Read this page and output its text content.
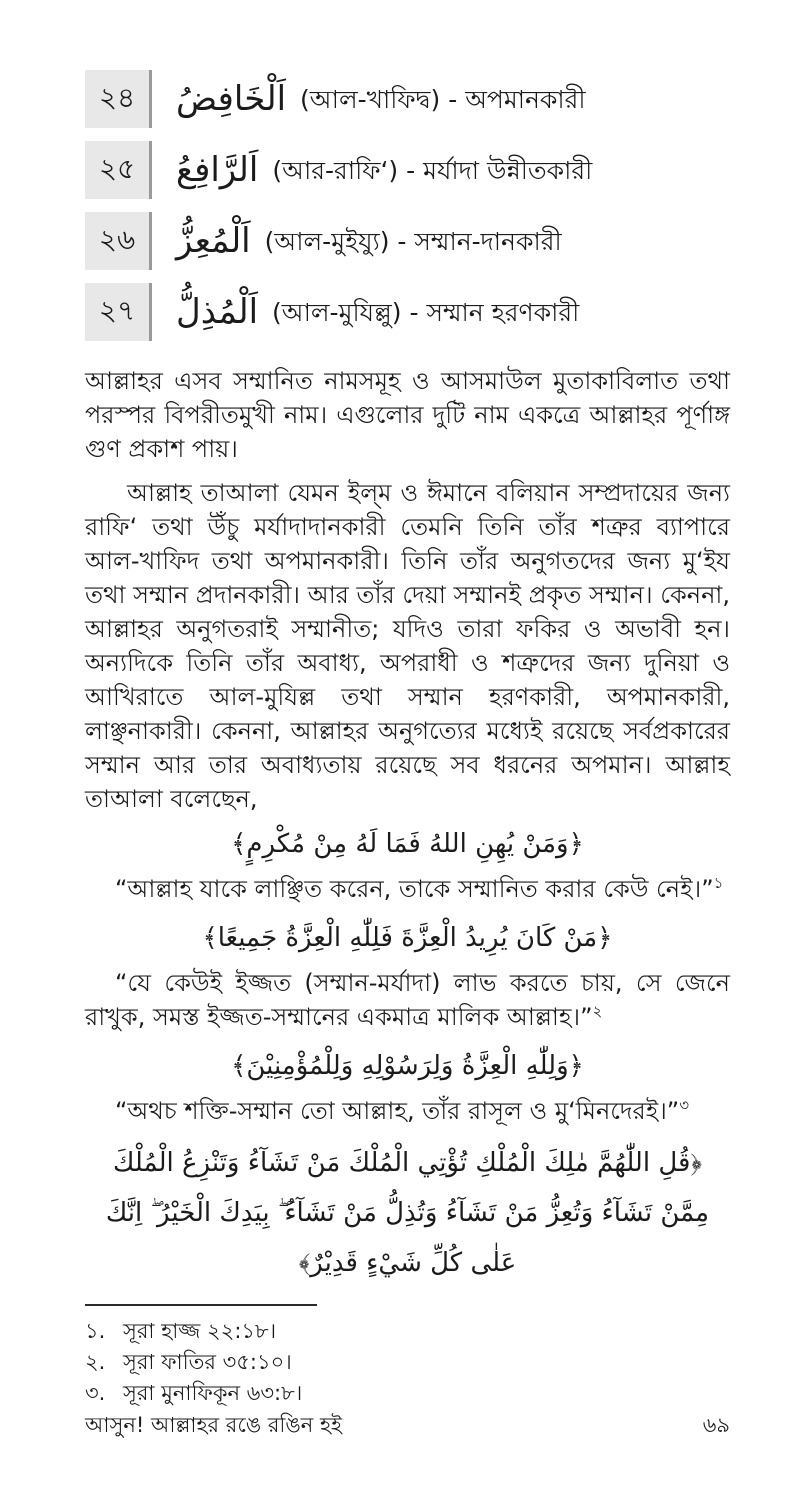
২৪	اَلْخَافِضُ (আল-খাফিদ্ব) - অপমানকারী
২৫	اَلرَّافِعُ (আর-রাফি‘) - মর্যাদা উন্নীতকারী
২৬	اَلْمُعِزُّ (আল-মুইয্যু) - সম্মান-দানকারী
২৭	اَلْمُذِلُّ (আল-মুযিল্লু) - সম্মান হরণকারী

আল্লাহর এসব সম্মানিত নামসমূহ ও আসমাউল মুতাকাবিলাত তথা পরস্পর বিপরীতমুখী নাম। এগুলোর দুটি নাম একত্রে আল্লাহর পূর্ণাঙ্গ গুণ প্রকাশ পায়।

আল্লাহ তাআলা যেমন ইল্‌ম ও ঈমানে বলিয়ান সম্প্রদায়ের জন্য রাফি‘ তথা উঁচু মর্যাদাদানকারী তেমনি তিনি তাঁর শত্রুর ব্যাপারে আল-খাফিদ তথা অপমানকারী। তিনি তাঁর অনুগতদের জন্য মু‘ইয তথা সম্মান প্রদানকারী। আর তাঁর দেয়া সম্মানই প্রকৃত সম্মান। কেননা, আল্লাহর অনুগতরাই সম্মানীত; যদিও তারা ফকির ও অভাবী হন। অন্যদিকে তিনি তাঁর অবাধ্য, অপরাধী ও শত্রুদের জন্য দুনিয়া ও আখিরাতে আল-মুযিল্ল তথা সম্মান হরণকারী, অপমানকারী, লাঞ্ছনাকারী। কেননা, আল্লাহর অনুগত্যের মধ্যেই রয়েছে সর্বপ্রকারের সম্মান আর তার অবাধ্যতায় রয়েছে সব ধরনের অপমান। আল্লাহ তাআলা বলেছেন,

﴿وَمَنْ يُهِنِ اللهُ فَمَا لَهُ مِنْ مُكْرِمٍ﴾

“আল্লাহ যাকে লাঞ্ছিত করেন, তাকে সম্মানিত করার কেউ নেই।”$^১$

﴿مَنْ كَانَ يُرِيدُ الْعِزَّةَ فَلِلّٰهِ الْعِزَّةُ جَمِيعًا﴾

“যে কেউই ইজ্জত (সম্মান-মর্যাদা) লাভ করতে চায়, সে জেনে রাখুক, সমস্ত ইজ্জত-সম্মানের একমাত্র মালিক আল্লাহ।”$^২$

﴿وَلِلّٰهِ الْعِزَّةُ وَلِرَسُوْلِهِ وَلِلْمُؤْمِنِيْنَ﴾

“অথচ শক্তি-সম্মান তো আল্লাহ, তাঁর রাসূল ও মু‘মিনদেরই।”$^৩$

﴿قُلِ اللّٰهُمَّ مٰلِكَ الْمُلْكِ تُؤْتِي الْمُلْكَ مَنْ تَشَآءُ وَتَنْزِعُ الْمُلْكَ مِمَّنْ تَشَآءُ وَتُعِزُّ مَنْ تَشَآءُ وَتُذِلُّ مَنْ تَشَآءُ ۖ بِيَدِكَ الْخَيْرُ ۖ اِنَّكَ عَلٰى كُلِّ شَيْءٍ قَدِيْرٌ﴾
১. সূরা হাজ্জ ২২:১৮।
২. সূরা ফাতির ৩৫:১০।
৩. সূরা মুনাফিকূন ৬৩:৮।
আসুন! আল্লাহর রঙে রঙিন হই	৬৯
